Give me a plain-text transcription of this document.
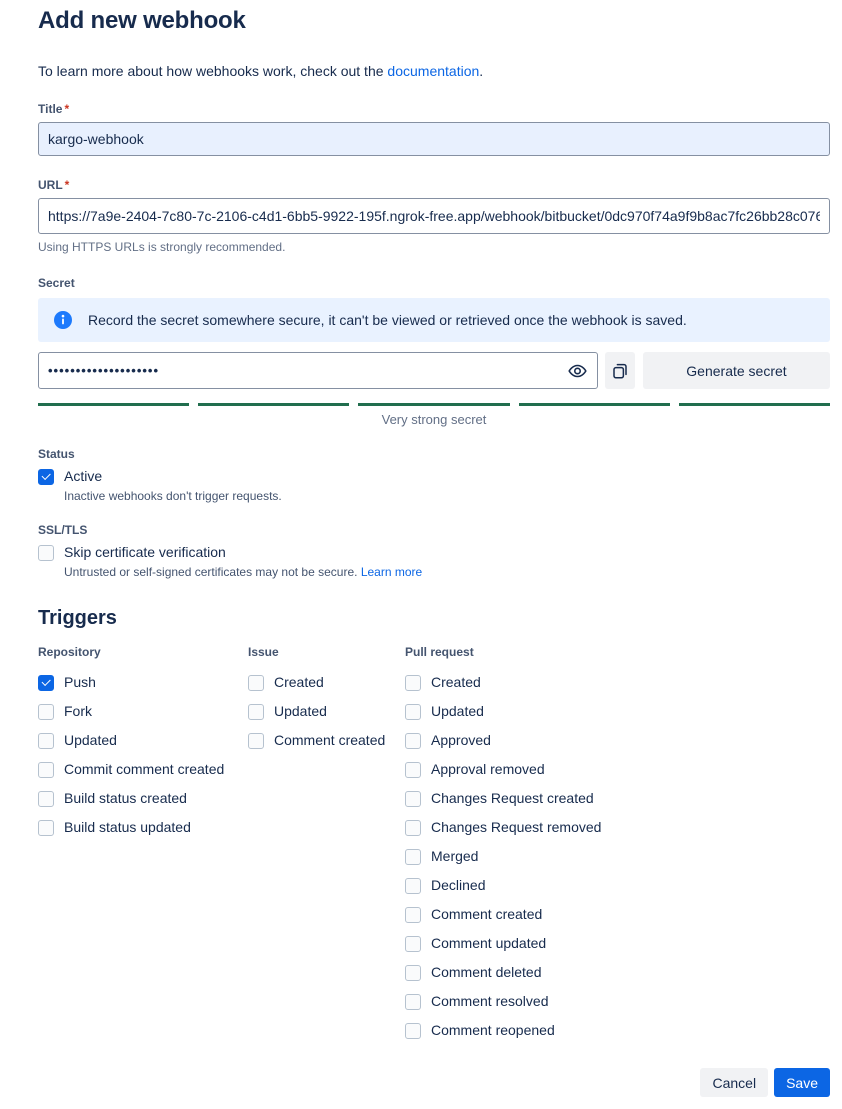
Add new webhook

To learn more about how webhooks work, check out the documentation.

Title *
kargo-webhook
URL *
https://7a9e-2404-7c80-7c-2106-c4d1-6bb5-9922-195f.ngrok-free.app/webhook/bitbucket/0dc970f74a9f9b8ac7fc26bb28c076c0c9
Using HTTPS URLs is strongly recommended.
Secret
Record the secret somewhere secure, it can't be viewed or retrieved once the webhook is saved.
••••••••••••••••••••
Generate secret
Very strong secret
Status
Active
Inactive webhooks don't trigger requests.
SSL/TLS
Skip certificate verification
Untrusted or self-signed certificates may not be secure. Learn more
Triggers
Repository
Push
Fork
Updated
Commit comment created
Build status created
Build status updated
Issue
Created
Updated
Comment created
Pull request
Created
Updated
Approved
Approval removed
Changes Request created
Changes Request removed
Merged
Declined
Comment created
Comment updated
Comment deleted
Comment resolved
Comment reopened
Cancel	Save
